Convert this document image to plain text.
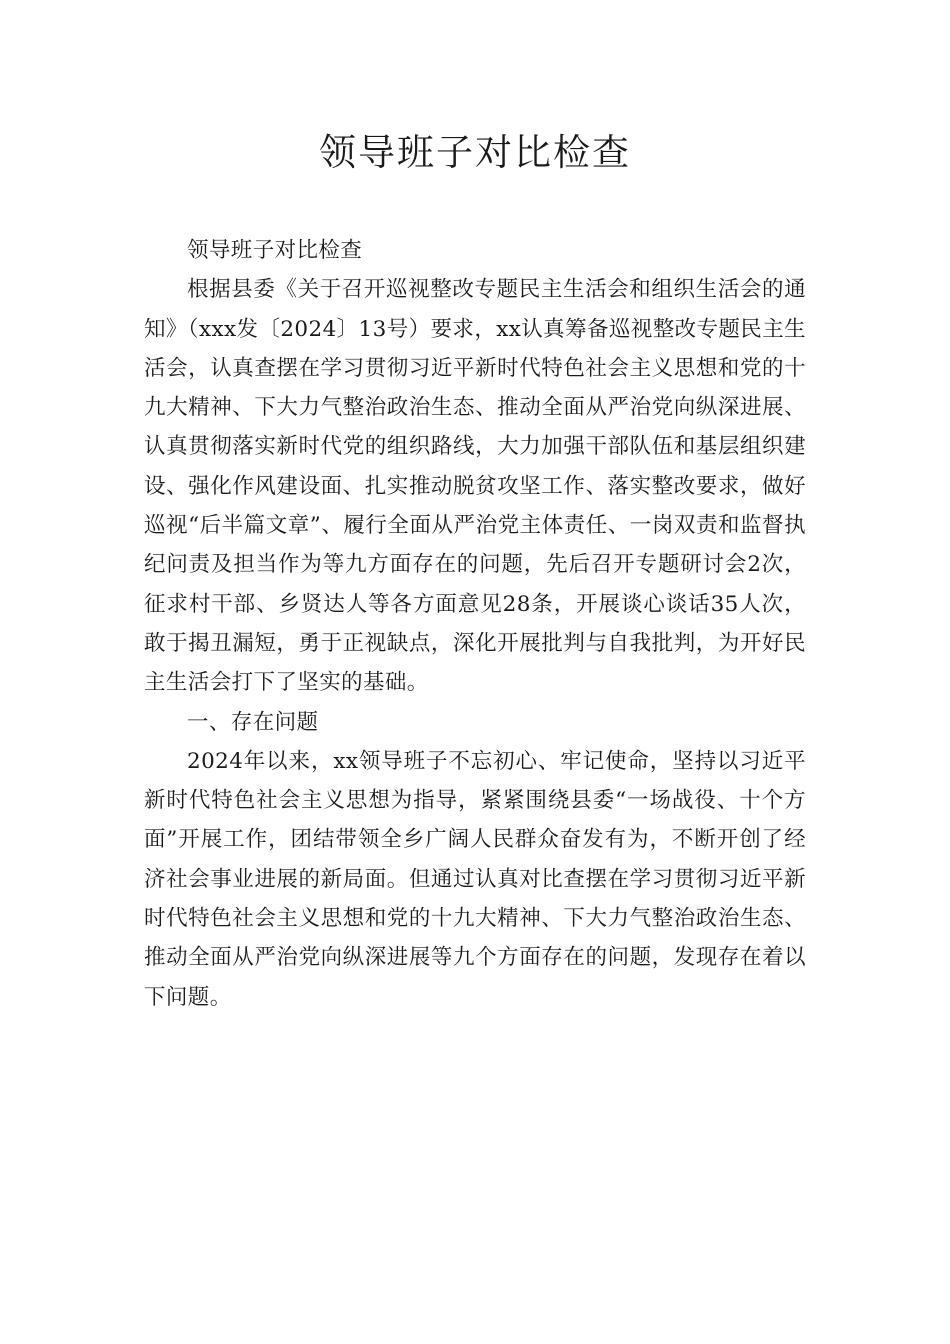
领导班子对比检查

领导班子对比检查

根据县委《关于召开巡视整改专题民主生活会和组织生活会的通知》（xxx发〔2024〕13号）要求，xx认真筹备巡视整改专题民主生活会，认真查摆在学习贯彻习近平新时代特色社会主义思想和党的十九大精神、下大力气整治政治生态、推动全面从严治党向纵深进展、认真贯彻落实新时代党的组织路线，大力加强干部队伍和基层组织建设、强化作风建设面、扎实推动脱贫攻坚工作、落实整改要求，做好巡视“后半篇文章”、履行全面从严治党主体责任、一岗双责和监督执纪问责及担当作为等九方面存在的问题，先后召开专题研讨会2次，征求村干部、乡贤达人等各方面意见28条，开展谈心谈话35人次，敢于揭丑漏短，勇于正视缺点，深化开展批判与自我批判，为开好民主生活会打下了坚实的基础。

一、存在问题

2024年以来，xx领导班子不忘初心、牢记使命，坚持以习近平新时代特色社会主义思想为指导，紧紧围绕县委“一场战役、十个方面”开展工作，团结带领全乡广阔人民群众奋发有为，不断开创了经济社会事业进展的新局面。但通过认真对比查摆在学习贯彻习近平新时代特色社会主义思想和党的十九大精神、下大力气整治政治生态、推动全面从严治党向纵深进展等九个方面存在的问题，发现存在着以下问题。
